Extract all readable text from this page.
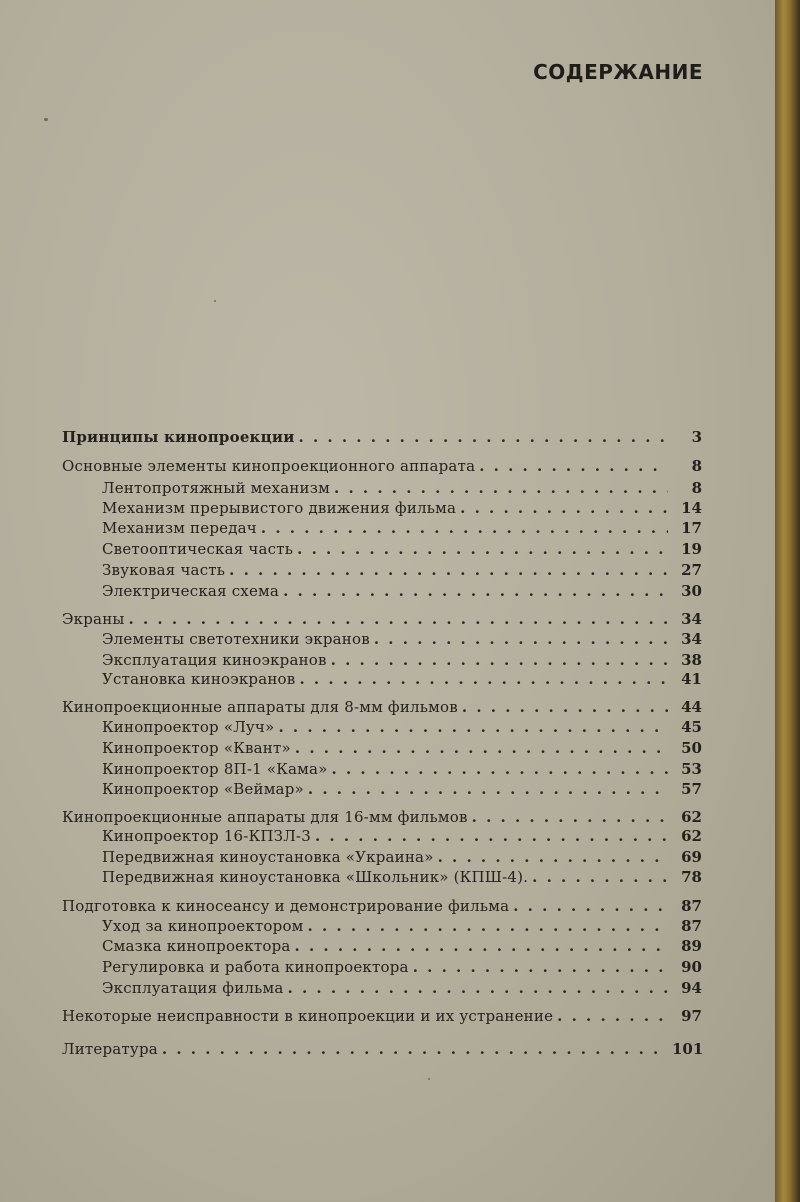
СОДЕРЖАНИЕ
Принципы кинопроекции . . .	3
Основные элементы кинопроекционного аппарата . . .	8
Лентопротяжный механизм . . .	8
Механизм прерывистого движения фильма . . .	14
Механизм передач . . .	17
Светооптическая часть . . .	19
Звуковая часть . . .	27
Электрическая схема . . .	30
Экраны . . .	34
Элементы светотехники экранов . . .	34
Эксплуатация киноэкранов . . .	38
Установка киноэкранов . . .	41
Кинопроекционные аппараты для 8-мм фильмов . . .	44
Кинопроектор «Луч» . . .	45
Кинопроектор «Квант» . . .	50
Кинопроектор 8П-1 «Кама» . . .	53
Кинопроектор «Веймар» . . .	57
Кинопроекционные аппараты для 16-мм фильмов . . .	62
Кинопроектор 16-КПЗЛ-3 . . .	62
Передвижная киноустановка «Украина» . . .	69
Передвижная киноустановка «Школьник» (КПШ-4). . . .	78
Подготовка к киносеансу и демонстрирование фильма . . .	87
Уход за кинопроектором . . .	87
Смазка кинопроектора . . .	89
Регулировка и работа кинопроектора . . .	90
Эксплуатация фильма . . .	94
Некоторые неисправности в кинопроекции и их устранение . . .	97
Литература . . .	101
